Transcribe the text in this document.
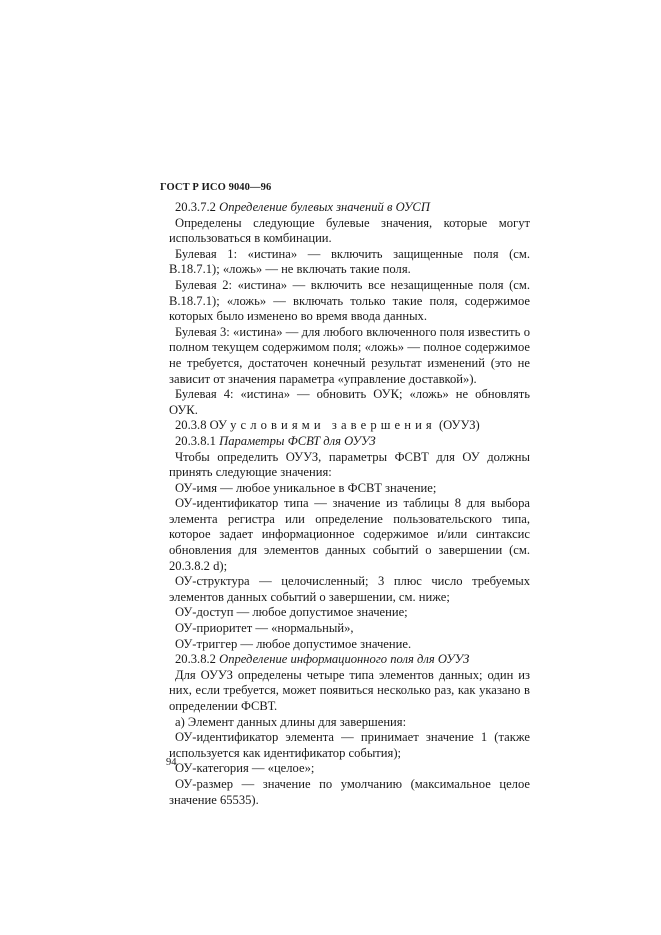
ГОСТ Р ИСО 9040—96

20.3.7.2 Определение булевых значений в ОУСП

Определены следующие булевые значения, которые могут использоваться в комбинации.

Булевая 1: «истина» — включить защищенные поля (см. В.18.7.1); «ложь» — не включать такие поля.

Булевая 2: «истина» — включить все незащищенные поля (см. В.18.7.1); «ложь» — включать только такие поля, содержимое которых было изменено во время ввода данных.

Булевая 3: «истина» — для любого включенного поля известить о полном текущем содержимом поля; «ложь» — полное содержимое не требуется, достаточен конечный результат изменений (это не зависит от значения параметра «управление доставкой»).

Булевая 4: «истина» — обновить ОУК; «ложь» не обновлять ОУК.

20.3.8 ОУ условиями завершения (ОУУЗ)

20.3.8.1 Параметры ФСВТ для ОУУЗ

Чтобы определить ОУУЗ, параметры ФСВТ для ОУ должны принять следующие значения:

ОУ-имя — любое уникальное в ФСВТ значение;

ОУ-идентификатор типа — значение из таблицы 8 для выбора элемента регистра или определение пользовательского типа, которое задает информационное содержимое и/или синтаксис обновления для элементов данных событий о завершении (см. 20.3.8.2 d);

ОУ-структура — целочисленный; 3 плюс число требуемых элементов данных событий о завершении, см. ниже;

ОУ-доступ — любое допустимое значение;

ОУ-приоритет — «нормальный»,

ОУ-триггер — любое допустимое значение.

20.3.8.2 Определение информационного поля для ОУУЗ

Для ОУУЗ определены четыре типа элементов данных; один из них, если требуется, может появиться несколько раз, как указано в определении ФСВТ.

а) Элемент данных длины для завершения:

ОУ-идентификатор элемента — принимает значение 1 (также используется как идентификатор события);

ОУ-категория — «целое»;

ОУ-размер — значение по умолчанию (максимальное целое значение 65535).

94
